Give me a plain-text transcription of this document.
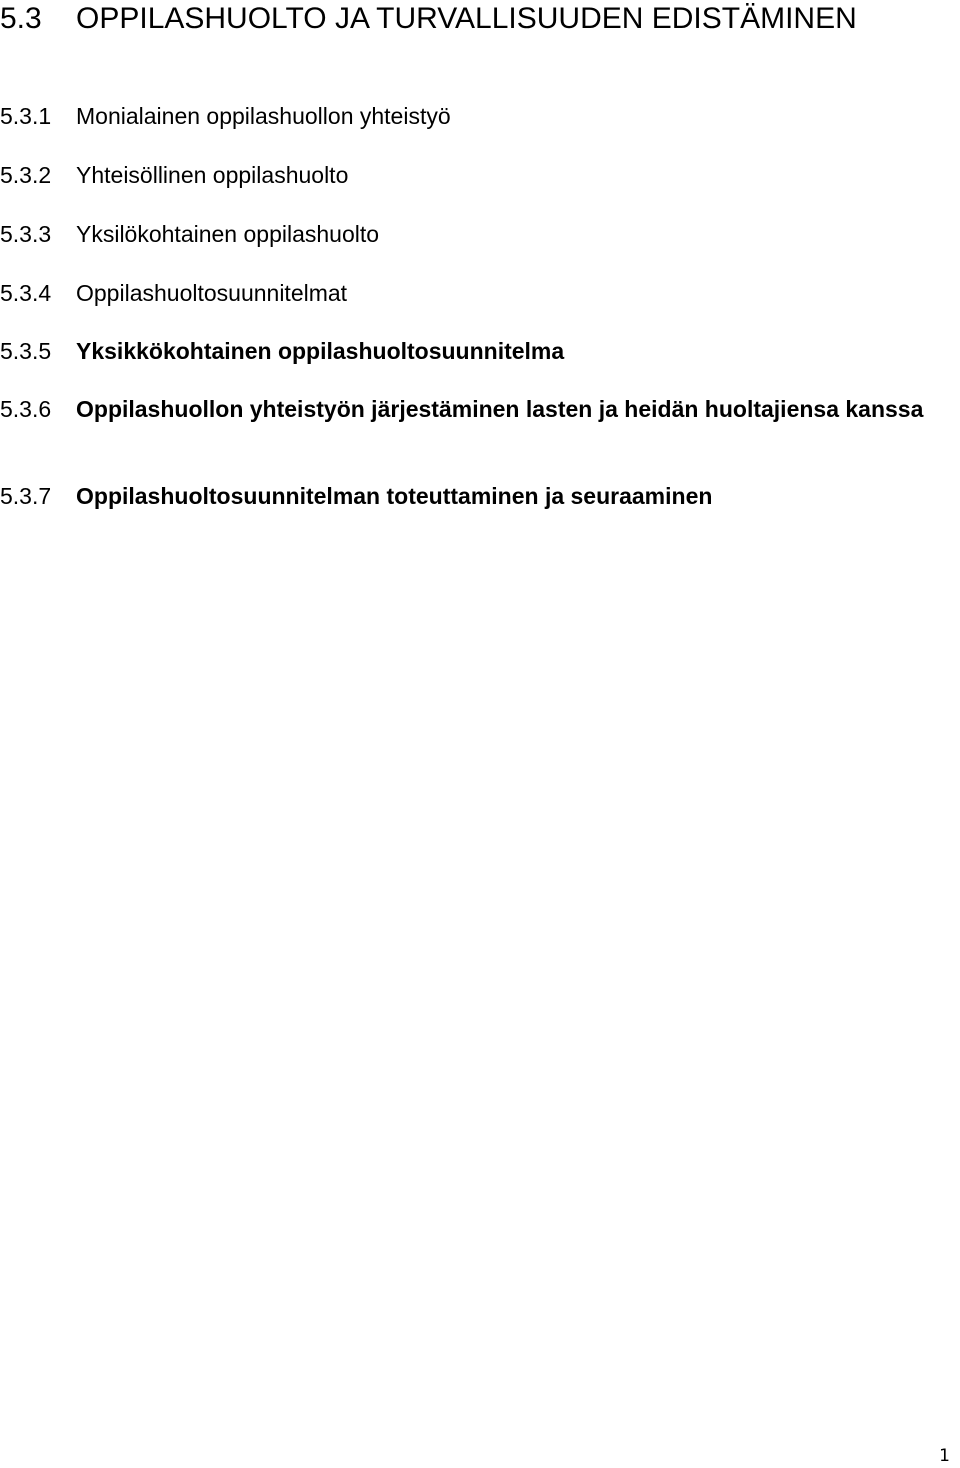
5.3	OPPILASHUOLTO JA TURVALLISUUDEN EDISTÄMINEN
5.3.1	Monialainen oppilashuollon yhteistyö
5.3.2	Yhteisöllinen oppilashuolto
5.3.3	Yksilökohtainen oppilashuolto
5.3.4	Oppilashuoltosuunnitelmat
5.3.5	Yksikkökohtainen oppilashuoltosuunnitelma
5.3.6	Oppilashuollon yhteistyön järjestäminen lasten ja heidän huoltajiensa kanssa
5.3.7	Oppilashuoltosuunnitelman toteuttaminen ja seuraaminen
1
